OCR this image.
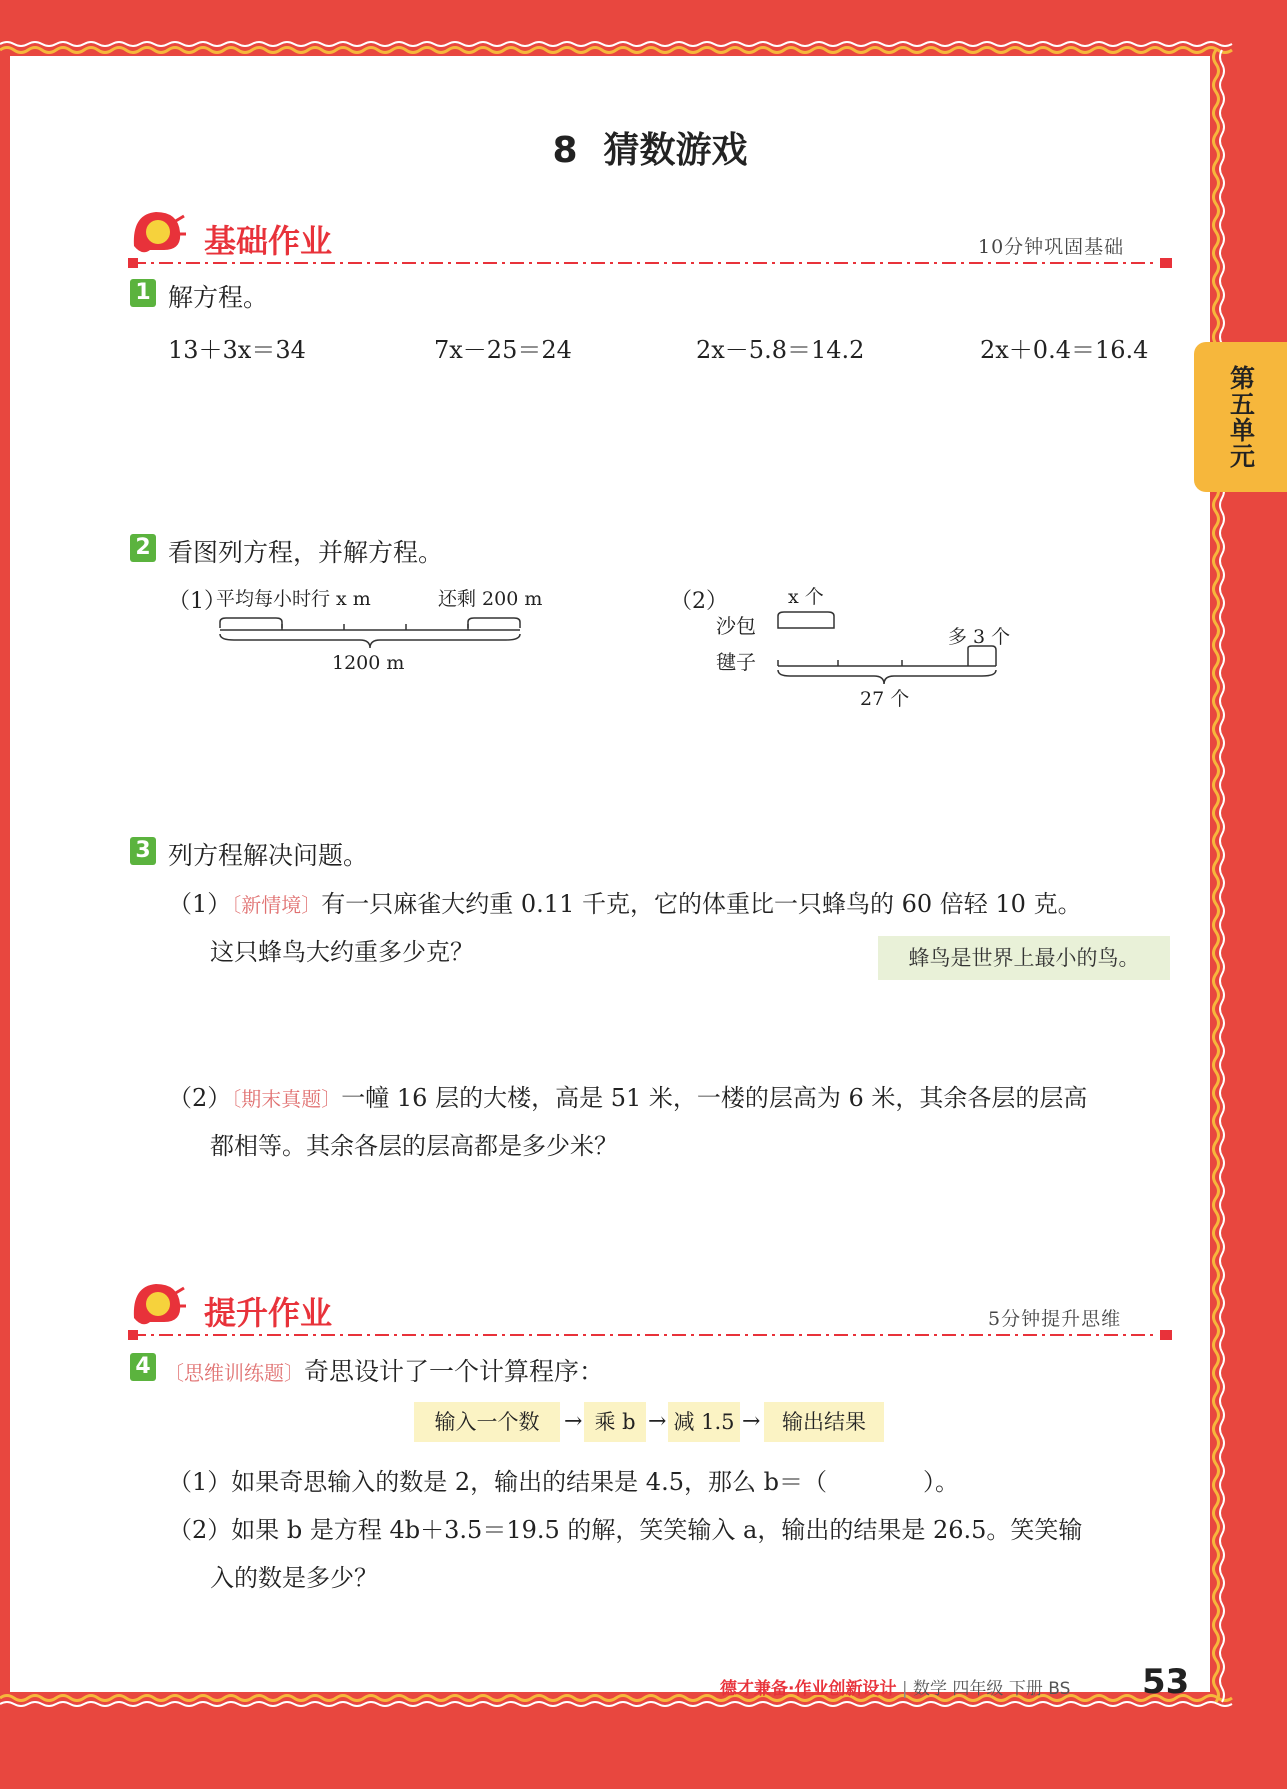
第五单元
8 猜数游戏
基础作业	10分钟巩固基础
1 解方程。
13＋3x＝34	7x－25＝24	2x－5.8＝14.2	2x＋0.4＝16.4
2 看图列方程，并解方程。
（1）
平均每小时行 x m	还剩 200 m
1200 m
（2）	x 个
沙包
毽子
多 3 个
27 个
3 列方程解决问题。
（1）〔新情境〕有一只麻雀大约重 0.11 千克，它的体重比一只蜂鸟的 60 倍轻 10 克。
这只蜂鸟大约重多少克？	蜂鸟是世界上最小的鸟。
（2）〔期末真题〕一幢 16 层的大楼，高是 51 米，一楼的层高为 6 米，其余各层的层高
都相等。其余各层的层高都是多少米？
提升作业	5分钟提升思维
4 〔思维训练题〕奇思设计了一个计算程序：
输入一个数	→ 乘 b → 减 1.5 →	输出结果
（1）如果奇思输入的数是 2，输出的结果是 4.5，那么 b＝（　　　　）。
（2）如果 b 是方程 4b＋3.5＝19.5 的解，笑笑输入 a，输出的结果是 26.5。笑笑输
入的数是多少？
德才兼备·作业创新设计 | 数学 四年级 下册 BS 53
